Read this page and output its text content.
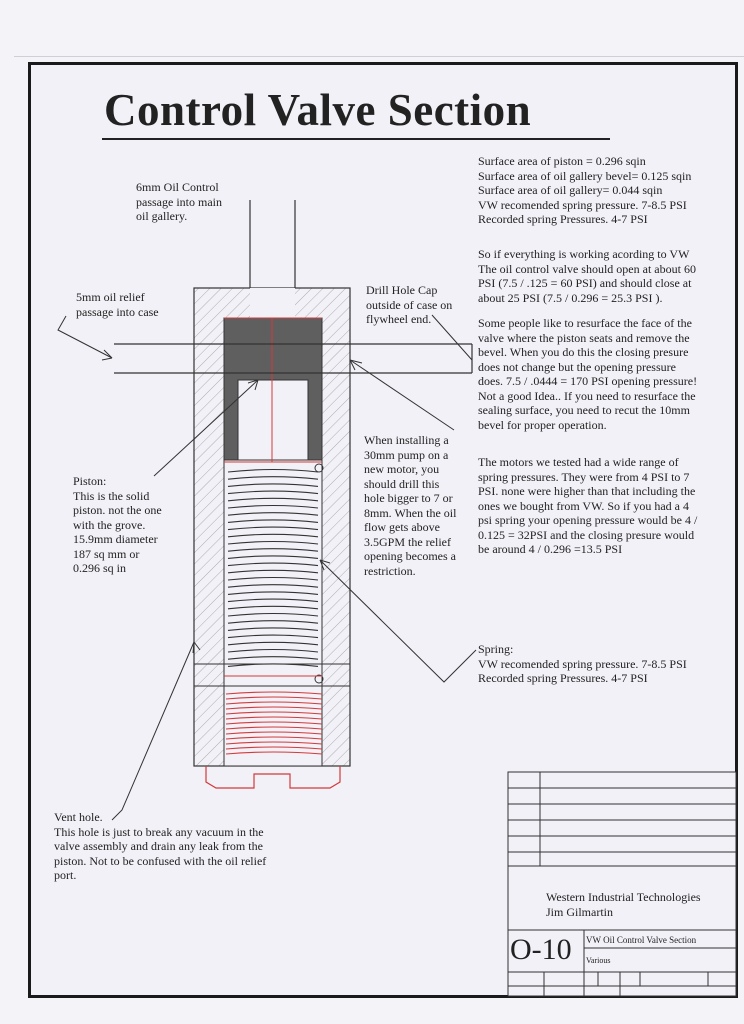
Control Valve Section
Surface area of piston = 0.296 sqin
Surface area of oil gallery bevel= 0.125 sqin
Surface area of oil gallery= 0.044 sqin
VW recomended spring pressure. 7-8.5 PSI
Recorded spring Pressures. 4-7 PSI
So if everything is working acording to VW
The oil control valve should open at about 60
PSI (7.5 / .125 = 60 PSI) and should close at
about 25 PSI (7.5 / 0.296 = 25.3 PSI ).
Some people like to resurface the face of the
valve where the piston seats and remove the
bevel. When you do this the closing presure
does not change but the opening pressure
does. 7.5 / .0444 = 170 PSI opening pressure!
Not a good Idea.. If you need to resurface the
sealing surface, you need to recut the 10mm
bevel for proper operation.
The motors we tested had a wide range of
spring pressures. They were from 4 PSI to 7
PSI. none were higher than that including the
ones we bought from VW. So if you had a 4
psi spring your opening pressure would be 4 /
0.125 = 32PSI and the closing presure would
be around 4 / 0.296 =13.5 PSI
Spring:
VW recomended spring pressure. 7-8.5 PSI
Recorded spring Pressures. 4-7 PSI
6mm Oil Control
passage into main
oil gallery.
5mm oil relief
passage into case
Drill Hole Cap
outside of case on
flywheel end.
When installing a
30mm pump on a
new motor, you
should drill this
hole bigger to 7 or
8mm. When the oil
flow gets above
3.5GPM the relief
opening becomes a
restriction.
Piston:
This is the solid
piston. not the one
with the grove.
15.9mm diameter
187 sq mm or
0.296 sq in
Vent hole.
This hole is just to break any vacuum in the
valve assembly and drain any leak from the
piston. Not to be confused with the oil relief
port.
Western Industrial Technologies
Jim Gilmartin
O-10 VW Oil Control Valve Section
Various
